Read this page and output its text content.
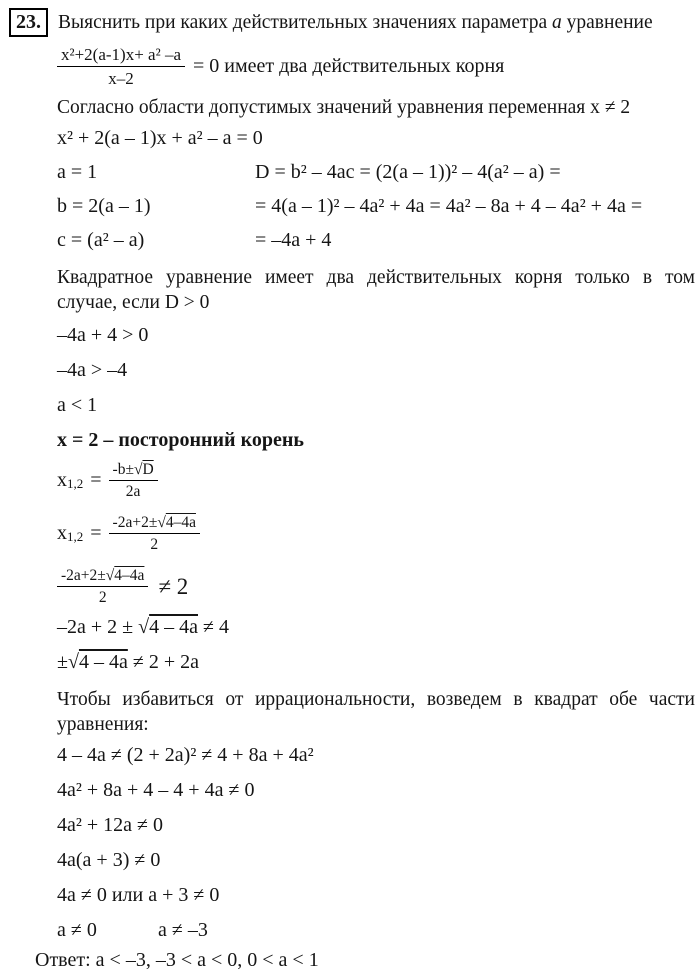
23. Выяснить при каких действительных значениях параметра а уравнение
$\frac{\text{x²+2(a-1)x+ a² –a}}{x-2} = 0$ имеет два действительных корня
Согласно области допустимых значений уравнения переменная x ≠ 2
x² + 2(a – 1)x + a² – a = 0
a = 1	D = b² – 4ac = (2(a – 1))² – 4(a² – a) =
b = 2(a – 1)	= 4(a – 1)² – 4a² + 4a = 4a² – 8a + 4 – 4a² + 4a =
c = (a² – a)	= –4a + 4
Квадратное уравнение имеет два действительных корня только в том
случае, если D > 0
–4a + 4 > 0
–4a > –4
a < 1
x = 2 – посторонний корень
x $1,2 = \frac{-b\pm√D}{2a}$
x $1,2 = \frac{-2a+2\pm√4-4a}{2}$
$\frac{-2a+2\pm√4-4a}{2} \ne 2$
–2a + 2 ± √4 – 4a ≠ 4
±√4 – 4a ≠ 2 + 2a
Чтобы избавиться от иррациональности, возведем в квадрат обе части
уравнения:
4 – 4a ≠ (2 + 2a)² ≠ 4 + 8a + 4a²
4a² + 8a + 4 – 4 + 4a ≠ 0
4a² + 12a ≠ 0
4a(a + 3) ≠ 0
4a ≠ 0 или a + 3 ≠ 0
a ≠ 0	a ≠ –3
Ответ: a < –3, –3 < a < 0, 0 < a < 1
